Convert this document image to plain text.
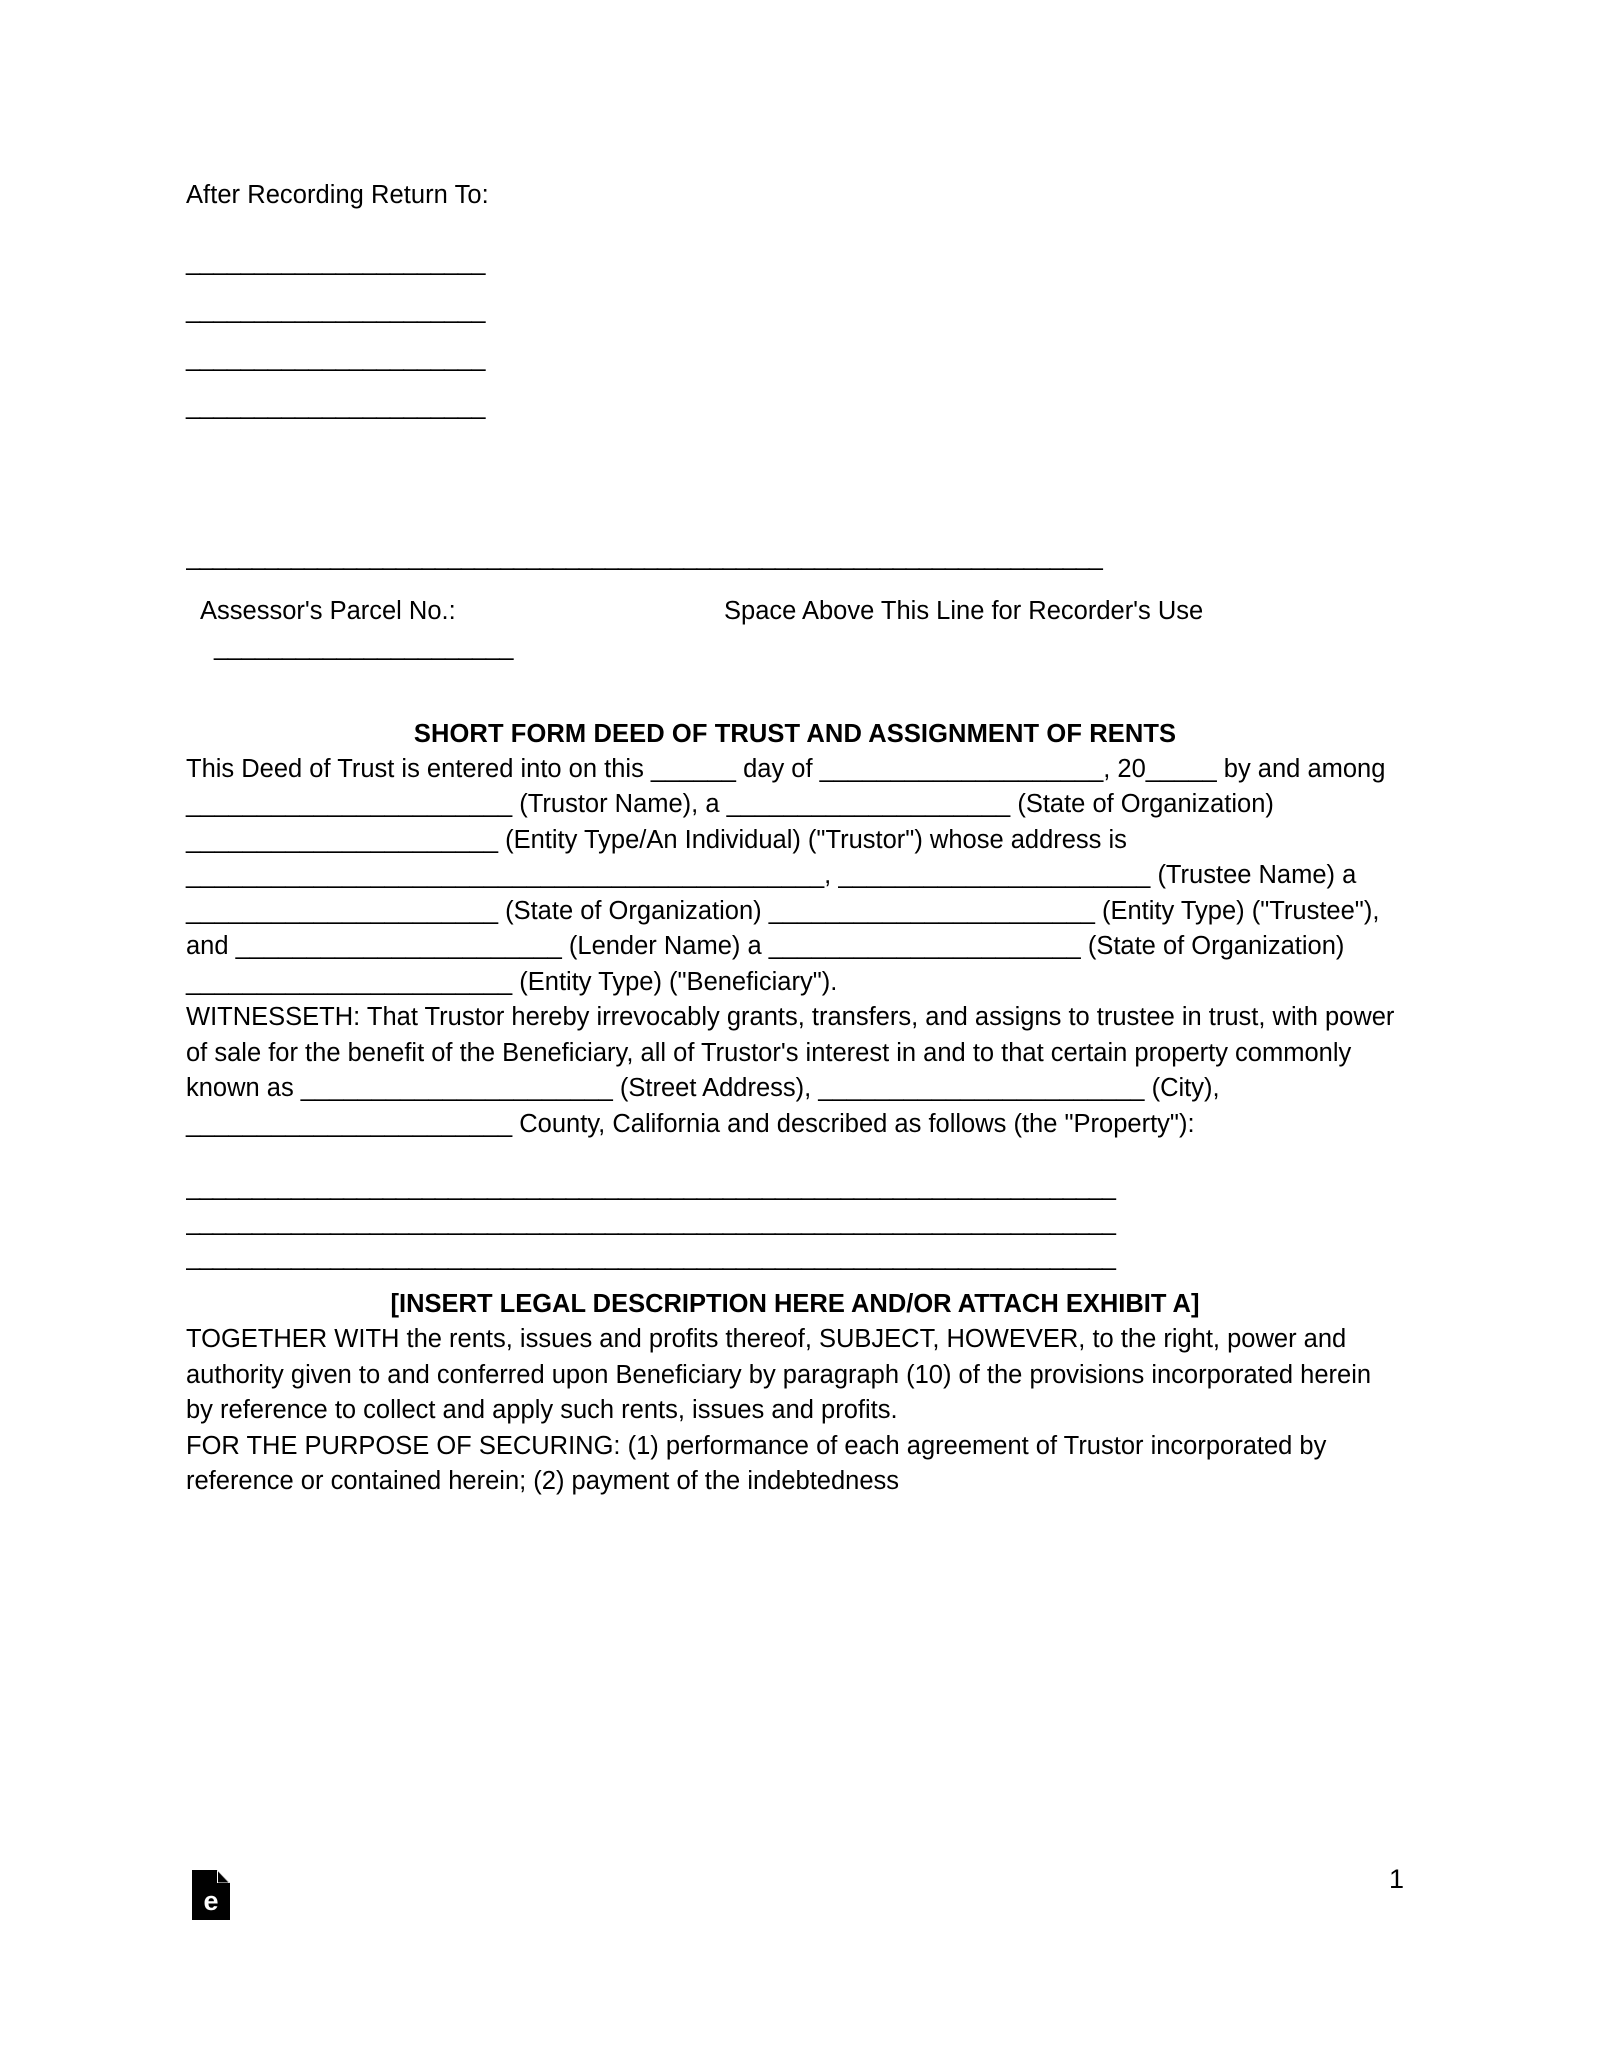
After Recording Return To:
______________________
______________________
______________________
______________________
______________________________________________________________________
Assessor's Parcel No.:
______________________
Space Above This Line for Recorder's Use
SHORT FORM DEED OF TRUST AND ASSIGNMENT OF RENTS

This Deed of Trust is entered into on this ______ day of ____________________, 20_____ by and among _______________________ (Trustor Name), a ____________________ (State of Organization) ______________________ (Entity Type/An Individual) ("Trustor") whose address is _____________________________________________, ______________________ (Trustee Name) a ______________________ (State of Organization) _______________________ (Entity Type) ("Trustee"), and _______________________ (Lender Name) a ______________________ (State of Organization) _______________________ (Entity Type) ("Beneficiary").

WITNESSETH: That Trustor hereby irrevocably grants, transfers, and assigns to trustee in trust, with power of sale for the benefit of the Beneficiary, all of Trustor's interest in and to that certain property commonly known as ______________________ (Street Address), _______________________ (City), _______________________ County, California and described as follows (the "Property"):

_______________________________________________________________________
_______________________________________________________________________
_______________________________________________________________________
[INSERT LEGAL DESCRIPTION HERE AND/OR ATTACH EXHIBIT A]

TOGETHER WITH the rents, issues and profits thereof, SUBJECT, HOWEVER, to the right, power and authority given to and conferred upon Beneficiary by paragraph (10) of the provisions incorporated herein by reference to collect and apply such rents, issues and profits.

FOR THE PURPOSE OF SECURING: (1) performance of each agreement of Trustor incorporated by reference or contained herein; (2) payment of the indebtedness

e
1
